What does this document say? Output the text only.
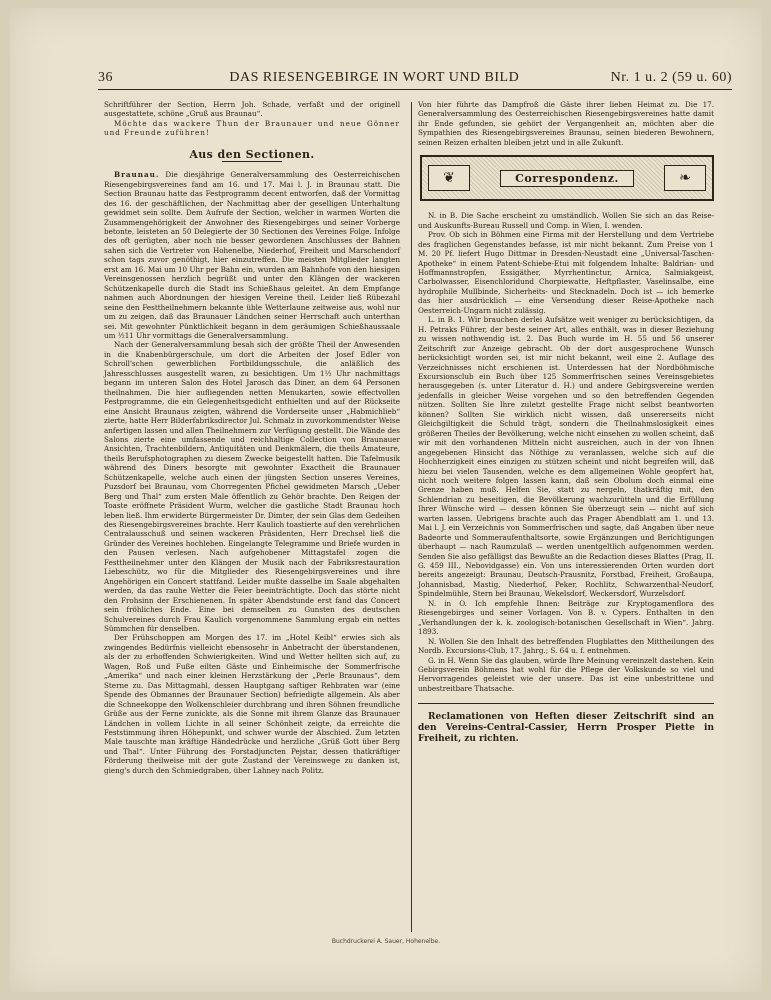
36	DAS RIESENGEBIRGE IN WORT UND BILD	Nr. 1 u. 2 (59 u. 60)

Schriftführer der Section, Herrn Joh. Schade, verfaßt und der originell ausgestattete, schöne „Gruß aus Braunau“.

Möchte das wackere Thun der Braunauer und neue Gönner und Freunde zuführen!

Aus den Sectionen.

Braunau. Die diesjährige Generalversammlung des Oesterreichischen Riesengebirgsvereines fand am 16. und 17. Mai l. J. in Braunau statt. Die Section Braunau hatte das Festprogramm decent entworfen, daß der Vormittag des 16. der geschäftlichen, der Nachmittag aber der geselligen Unterhaltung gewidmet sein sollte. Dem Aufrufe der Section, welcher in warmen Worten die Zusammengehörigkeit der Anwohner des Riesengebirges und seiner Vorberge betonte, leisteten an 50 Delegierte der 30 Sectionen des Vereines Folge. Infolge des oft gerügten, aber noch nie besser gewordenen Anschlusses der Bahnen sahen sich die Vertreter von Hohenelbe, Niederhof, Freiheit und Marschendorf schon tags zuvor genöthigt, hier einzutreffen. Die meisten Mitglieder langten erst am 16. Mai um 10 Uhr per Bahn ein, wurden am Bahnhofe von den hiesigen Vereinsgenossen herzlich begrüßt und unter den Klängen der wackeren Schützenkapelle durch die Stadt ins Schießhaus geleitet. An dem Empfange nahmen auch Abordnungen der hiesigen Vereine theil. Leider ließ Rübezahl seine den Festtheilnehmern bekannte üble Wetterlaune zeitweise aus, wohl nur um zu zeigen, daß das Braunauer Ländchen seiner Herrschaft auch unterthan sei. Mit gewohnter Pünktlichkeit begann in dem geräumigen Schießhaussaale um ½11 Uhr vormittags die Generalversammlung.

Nach der Generalversammlung besah sich der größte Theil der Anwesenden in die Knabenbürgerschule, um dort die Arbeiten der Josef Edler von Schroll'schen gewerblichen Fortbildungsschule, die anläßlich des Jahresschlusses ausgestellt waren, zu besichtigen. Um 1½ Uhr nachmittags begann im unteren Salon des Hotel Jarosch das Diner, an dem 64 Personen theilnahmen. Die hier aufliegenden netten Menukarten, sowie effectvollen Festprogramme, die ein Gelegenheitsgedicht enthielten und auf der Rückseite eine Ansicht Braunaus zeigten, während die Vorderseite unser „Habmichlieb“ zierte, hatte Herr Bilderfabriksdirector Jul. Schmalz in zuvorkommendster Weise anfertigen lassen und allen Theilnehmern zur Verfügung gestellt. Die Wände des Salons zierte eine umfassende und reichhaltige Collection von Braunauer Ansichten, Trachtenbildern, Antiquitäten und Denkmälern, die theils Amateure, theils Berufsphotographen zu diesem Zwecke beigestellt hatten. Die Tafelmusik während des Diners besorgte mit gewohnter Exactheit die Braunauer Schützenkapelle, welche auch einen der jüngsten Section unseres Vereines, Puzsdorf bei Braunau, vom Chorregenten Pfichel gewidmeten Marsch „Ueber Berg und Thal“ zum ersten Male öffentlich zu Gehör brachte. Den Reigen der Toaste eröffnete Präsident Wurm, welcher die gastliche Stadt Braunau hoch leben ließ. Ihm erwiderte Bürgermeister Dr. Dimter, der sein Glas dem Gedeihen des Riesengebirgsvereines brachte. Herr Kaulich toastierte auf den verehrlichen Centralausschuß und seinen wackeren Präsidenten, Herr Drechsel ließ die Gründer des Vereines hochleben. Eingelangte Telegramme und Briefe wurden in den Pausen verlesen. Nach aufgehobener Mittagstafel zogen die Festtheilnehmer unter den Klängen der Musik nach der Fabriksrestauration Liebeschütz, wo für die Mitglieder des Riesengebirgsvereines und ihre Angehörigen ein Concert stattfand. Leider mußte dasselbe im Saale abgehalten werden, da das rauhe Wetter die Feier beeinträchtigte. Doch das störte nicht den Frohsinn der Erschienenen. In später Abendstunde erst fand das Concert sein fröhliches Ende. Eine bei demselben zu Gunsten des deutschen Schulvereines durch Frau Kaulich vorgenommene Sammlung ergab ein nettes Sümmchen für denselben.

Der Frühschoppen am Morgen des 17. im „Hotel Keibl“ erwies sich als zwingendes Bedürfnis vielleicht ebensosehr in Anbetracht der überstandenen, als der zu erhoffenden Schwierigkeiten. Wind und Wetter hellten sich auf, zu Wagen, Roß und Fuße eilten Gäste und Einheimische der Sommerfrische „Amerika“ und nach einer kleinen Herzstärkung der „Perle Braunaus“, dem Sterne zu. Das Mittagmahl, dessen Hauptgang saftiger Rehbraten war (eine Spende des Obmannes der Braunauer Section) befriedigte allgemein. Als aber die Schneekoppe den Wolkenschleier durchbrang und ihren Söhnen freundliche Grüße aus der Ferne zunickte, als die Sonne mit ihrem Glanze das Braunauer Ländchen in vollem Lichte in all seiner Schönheit zeigte, da erreichte die Feststimmung ihren Höhepunkt, und schwer wurde der Abschied. Zum letzten Male tauschte man kräftige Händedrücke und herzliche „Grüß Gott über Berg und Thal“. Unter Führung des Forstadjuncten Pejstar, dessen thatkräftiger Förderung theilweise mit der gute Zustand der Vereinswege zu danken ist, gieng's durch den Schmiedgraben, über Lahney nach Politz.

Von hier führte das Dampfroß die Gäste ihrer lieben Heimat zu. Die 17. Generalversammlung des Oesterreichischen Riesengebirgsvereines hatte damit ihr Ende gefunden, sie gehört der Vergangenheit an, möchten aber die Sympathien des Riesengebirgsvereines Braunau, seinen biederen Bewohnern, seinen Reizen erhalten bleiben jetzt und in alle Zukunft.

❦	Correspondenz.	❧

N. in B. Die Sache erscheint zu umständlich. Wollen Sie sich an das Reise- und Auskunfts-Bureau Russell und Comp. in Wien, I. wenden.

Prov. Ob sich in Böhmen eine Firma mit der Herstellung und dem Vertriebe des fraglichen Gegenstandes befasse, ist mir nicht bekannt. Zum Preise von 1 M. 20 Pf. liefert Hugo Dittmar in Dresden-Neustadt eine „Universal-Taschen-Apotheke“ in einem Patent-Schiebe-Etui mit folgendem Inhalte: Baldrian- und Hoffmannstropfen, Essigäther, Myrrhentinctur, Arnica, Salmiakgeist, Carbolwasser, Eisenchloridund Chorpiewatte, Heftpflaster, Vaselinsalbe, eine hydrophile Mullbinde, Sicherheits- und Stecknadeln. Doch ist — ich bemerke das hier ausdrücklich — eine Versendung dieser Reise-Apotheke nach Oesterreich-Ungarn nicht zulässig.

L. in B. 1. Wir brauchen derlei Aufsätze weit weniger zu berücksichtigen, da H. Petraks Führer, der beste seiner Art, alles enthält, was in dieser Beziehung zu wissen nothwendig ist. 2. Das Buch wurde im H. 55 und 56 unserer Zeitschrift zur Anzeige gebracht. Ob der dort ausgesprochene Wunsch berücksichtigt worden sei, ist mir nicht bekannt, weil eine 2. Auflage des Verzeichnisses nicht erschienen ist. Unterdessen hat der Nordböhmische Excursionsclub ein Buch über 125 Sommerfrischen seines Vereinsgebietes herausgegeben (s. unter Literatur d. H.) und andere Gebirgsvereine werden jedenfalls in gleicher Weise vorgehen und so den betreffenden Gegenden nützen. Sollten Sie Ihre zuletzt gestellte Frage nicht selbst beantworten können? Sollten Sie wirklich nicht wissen, daß unsererseits nicht Gleichgiltigkeit die Schuld trägt, sondern die Theilnahmslosigkeit eines größeren Theiles der Bevölkerung, welche nicht einsehen zu wollen scheint, daß wir mit den vorhandenen Mitteln nicht ausreichen, auch in der von Ihnen angegebenen Hinsicht das Nöthige zu veranlassen, welche sich auf die Hochherzigkeit eines einzigen zu stützen scheint und nicht begreifen will, daß hiezu bei vielen Tausenden, welche es dem allgemeinen Wohle geopfert hat, nicht noch weitere folgen lassen kann, daß sein Obolum doch einmal eine Grenze haben muß. Helfen Sie, statt zu nergeln, thatkräftig mit, den Schlendrian zu beseitigen, die Bevölkerung wachzurütteln und die Erfüllung Ihrer Wünsche wird — dessen können Sie überzeugt sein — nicht auf sich warten lassen. Uebrigens brachte auch das Prager Abendblatt am 1. und 13. Mai l. J. ein Verzeichnis von Sommerfrischen und sagte, daß Angaben über neue Badeorte und Sommeraufenthaltsorte, sowie Ergänzungen und Berichtigungen überhaupt — nach Raumzulaß — werden unentgeltlich aufgenommen werden. Senden Sie also gefälligst das Bewußte an die Redaction dieses Blattes (Prag, II. G. 459 III., Nebovidgasse) ein. Von uns interessierenden Orten wurden dort bereits angezeigt: Braunau, Deutsch-Prausnitz, Forstbad, Freiheit, Großaupa, Johannisbad, Mastig, Niederhof, Peker, Rochlitz, Schwarzenthal-Neudorf, Spindelmühle, Stern bei Braunau, Wekelsdorf, Weckersdorf, Wurzelsdorf.

N. in O. Ich empfehle Ihnen: Beiträge zur Kryptogamenflora des Riesengebirges und seiner Vorlagen. Von B. v. Cypers. Enthalten in den „Verhandlungen der k. k. zoologisch-botanischen Gesellschaft in Wien“. Jahrg. 1893.

N. Wollen Sie den Inhalt des betreffenden Flugblattes den Mittheilungen des Nordb. Excursions-Club, 17. Jahrg.; S. 64 u. f. entnehmen.

G. in H. Wenn Sie das glauben, würde Ihre Meinung vereinzelt dastehen. Kein Gebirgsverein Böhmens hat wohl für die Pflege der Volkskunde so viel und Hervorragendes geleistet wie der unsere. Das ist eine unbestrittene und unbestreitbare Thatsache.

Reclamationen von Heften dieser Zeitschrift sind an den Vereins-Central-Cassier, Herrn Prosper Piette in Freiheit, zu richten.
Buchdruckerei A. Sauer, Hohenelbe.
